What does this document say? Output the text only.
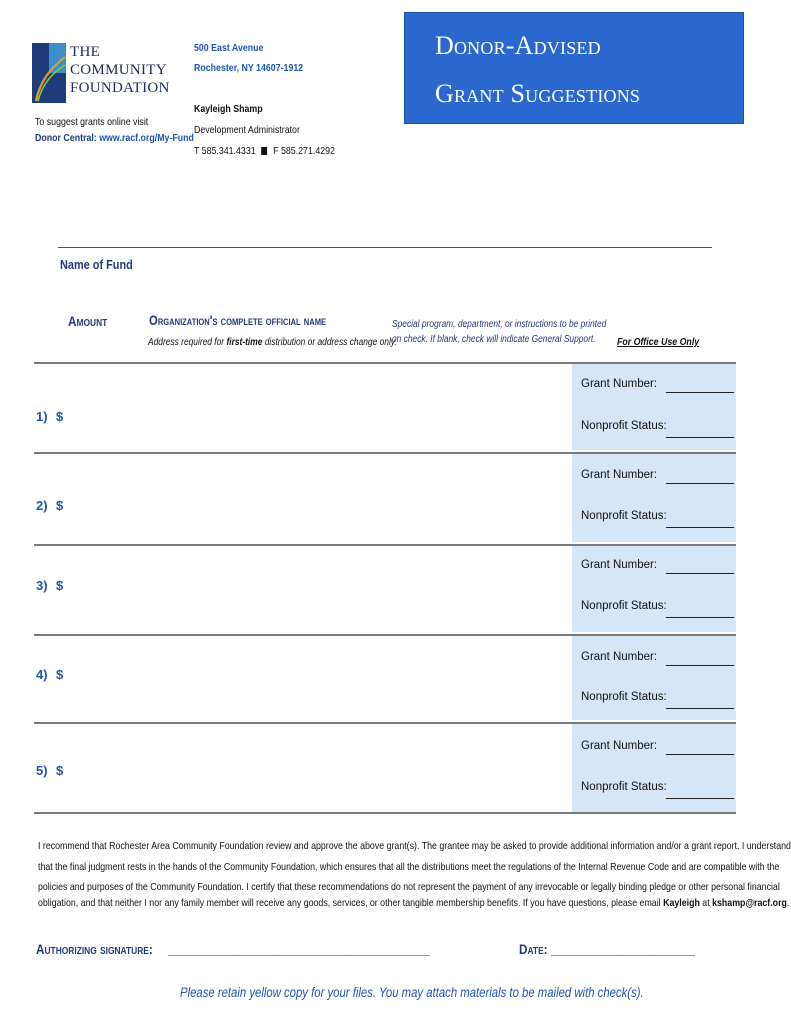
THE
COMMUNITY
FOUNDATION
To suggest grants online visit
Donor Central: www.racf.org/My-Fund
500 East Avenue
Rochester, NY 14607-1912
Kayleigh Shamp
Development Administrator
T 585.341.4331 F 585.271.4292
Donor-Advised
Grant Suggestions
Name of Fund
Amount	Organization's complete official name
Address required for first-time distribution or address change only.
Special program, department, or instructions to be printed
on check. If blank, check will indicate General Support. For Office Use Only
Grant Number:
Nonprofit Status:
1) $
Grant Number:
Nonprofit Status:
2) $
Grant Number:
Nonprofit Status:
3) $
Grant Number:
Nonprofit Status:
4) $
Grant Number:
Nonprofit Status:
5) $
I recommend that Rochester Area Community Foundation review and approve the above grant(s). The grantee may be asked to provide additional information and/or a grant report. I understand
that the final judgment rests in the hands of the Community Foundation, which ensures that all the distributions meet the regulations of the Internal Revenue Code and are compatible with the
policies and purposes of the Community Foundation. I certify that these recommendations do not represent the payment of any irrevocable or legally binding pledge or other personal financial
obligation, and that neither I nor any family member will receive any goods, services, or other tangible membership benefits. If you have questions, please email Kayleigh at kshamp@racf.org.
Authorizing signature: ________________________________________	Date: ______________________
Please retain yellow copy for your files. You may attach materials to be mailed with check(s).
